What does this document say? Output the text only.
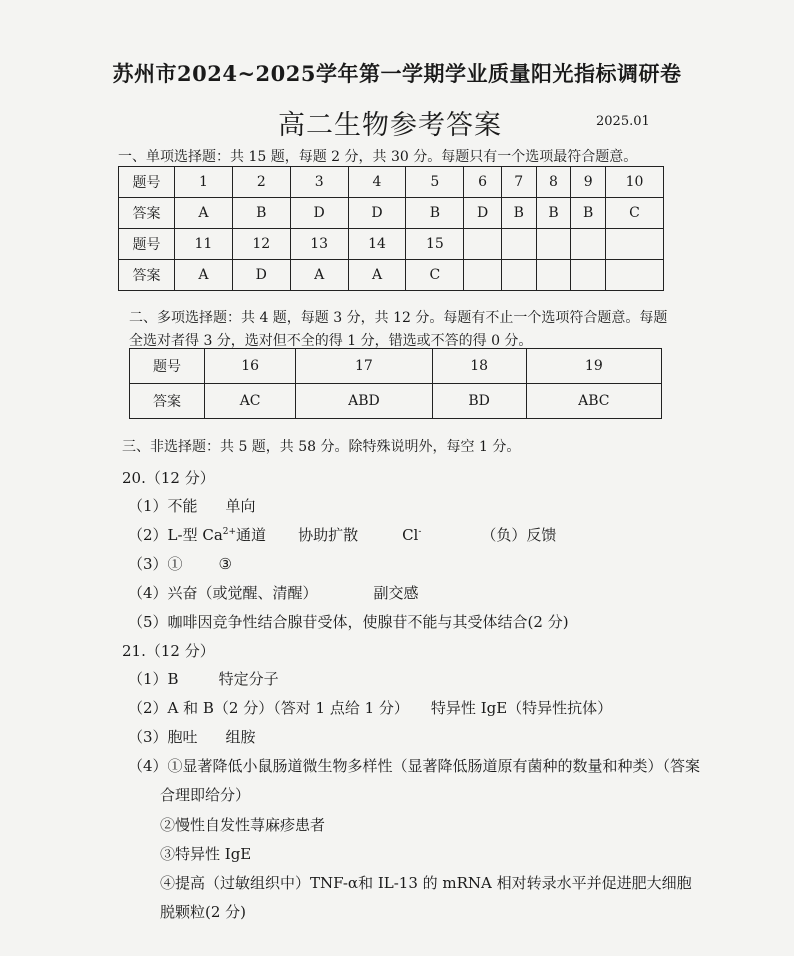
苏州市2024~2025学年第一学期学业质量阳光指标调研卷
高二生物参考答案	2025.01
一、单项选择题：共 15 题，每题 2 分，共 30 分。每题只有一个选项最符合题意。
题号	1	2	3	4	5	6	7	8	9	10
答案	A	B	D	D	B	D	B	B	B	C
题号	11	12	13	14	15					
答案	A	D	A	A	C					
二、多项选择题：共 4 题，每题 3 分，共 12 分。每题有不止一个选项符合题意。每题
全选对者得 3 分，选对但不全的得 1 分，错选或不答的得 0 分。
题号	16	17	18	19
答案	AC	ABD	BD	ABC
三、非选择题：共 5 题，共 58 分。除特殊说明外，每空 1 分。
20.（12 分）
（1）不能 单向
（2）L-型 Ca2+通道 协助扩散	Cl-	（负）反馈
（3）① ③
（4）兴奋（或觉醒、清醒）	副交感
（5）咖啡因竞争性结合腺苷受体，使腺苷不能与其受体结合(2 分)
21.（12 分）
（1）B	特定分子
（2）A 和 B（2 分）（答对 1 点给 1 分） 特异性 IgE（特异性抗体）
（3）胞吐 组胺
（4）①显著降低小鼠肠道微生物多样性（显著降低肠道原有菌种的数量和种类）（答案
合理即给分）
②慢性自发性荨麻疹患者
③特异性 IgE
④提高（过敏组织中）TNF-α和 IL-13 的 mRNA 相对转录水平并促进肥大细胞
脱颗粒(2 分)
